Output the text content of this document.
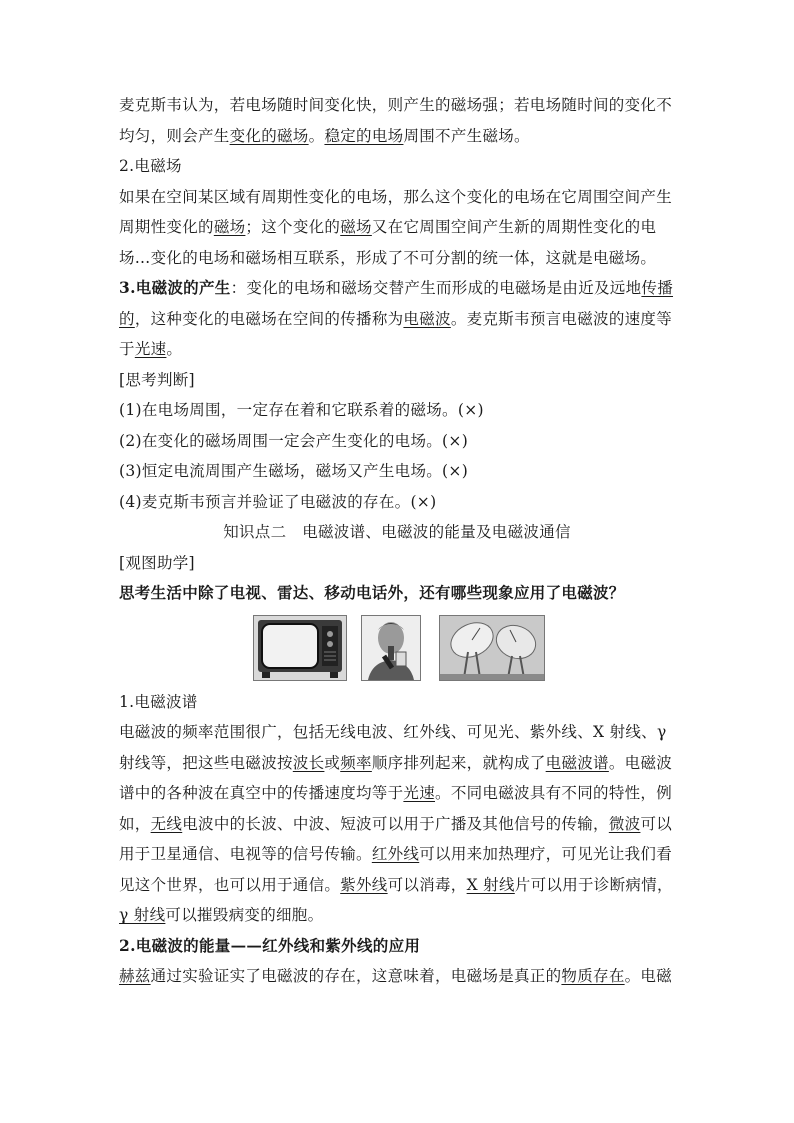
麦克斯韦认为，若电场随时间变化快，则产生的磁场强；若电场随时间的变化不

均匀，则会产生变化的磁场。稳定的电场周围不产生磁场。

2.电磁场

如果在空间某区域有周期性变化的电场，那么这个变化的电场在它周围空间产生

周期性变化的磁场；这个变化的磁场又在它周围空间产生新的周期性变化的电

场…变化的电场和磁场相互联系，形成了不可分割的统一体，这就是电磁场。

3.电磁波的产生：变化的电场和磁场交替产生而形成的电磁场是由近及远地传播

的，这种变化的电磁场在空间的传播称为电磁波。麦克斯韦预言电磁波的速度等

于光速。

[思考判断]

(1)在电场周围，一定存在着和它联系着的磁场。(×)

(2)在变化的磁场周围一定会产生变化的电场。(×)

(3)恒定电流周围产生磁场，磁场又产生电场。(×)

(4)麦克斯韦预言并验证了电磁波的存在。(×)

知识点二　电磁波谱、电磁波的能量及电磁波通信

[观图助学]

思考生活中除了电视、雷达、移动电话外，还有哪些现象应用了电磁波？

1.电磁波谱

电磁波的频率范围很广，包括无线电波、红外线、可见光、紫外线、X 射线、γ

射线等，把这些电磁波按波长或频率顺序排列起来，就构成了电磁波谱。电磁波

谱中的各种波在真空中的传播速度均等于光速。不同电磁波具有不同的特性，例

如，无线电波中的长波、中波、短波可以用于广播及其他信号的传输，微波可以

用于卫星通信、电视等的信号传输。红外线可以用来加热理疗，可见光让我们看

见这个世界，也可以用于通信。紫外线可以消毒，X 射线片可以用于诊断病情，

γ 射线可以摧毁病变的细胞。

2.电磁波的能量——红外线和紫外线的应用

赫兹通过实验证实了电磁波的存在，这意味着，电磁场是真正的物质存在。电磁
